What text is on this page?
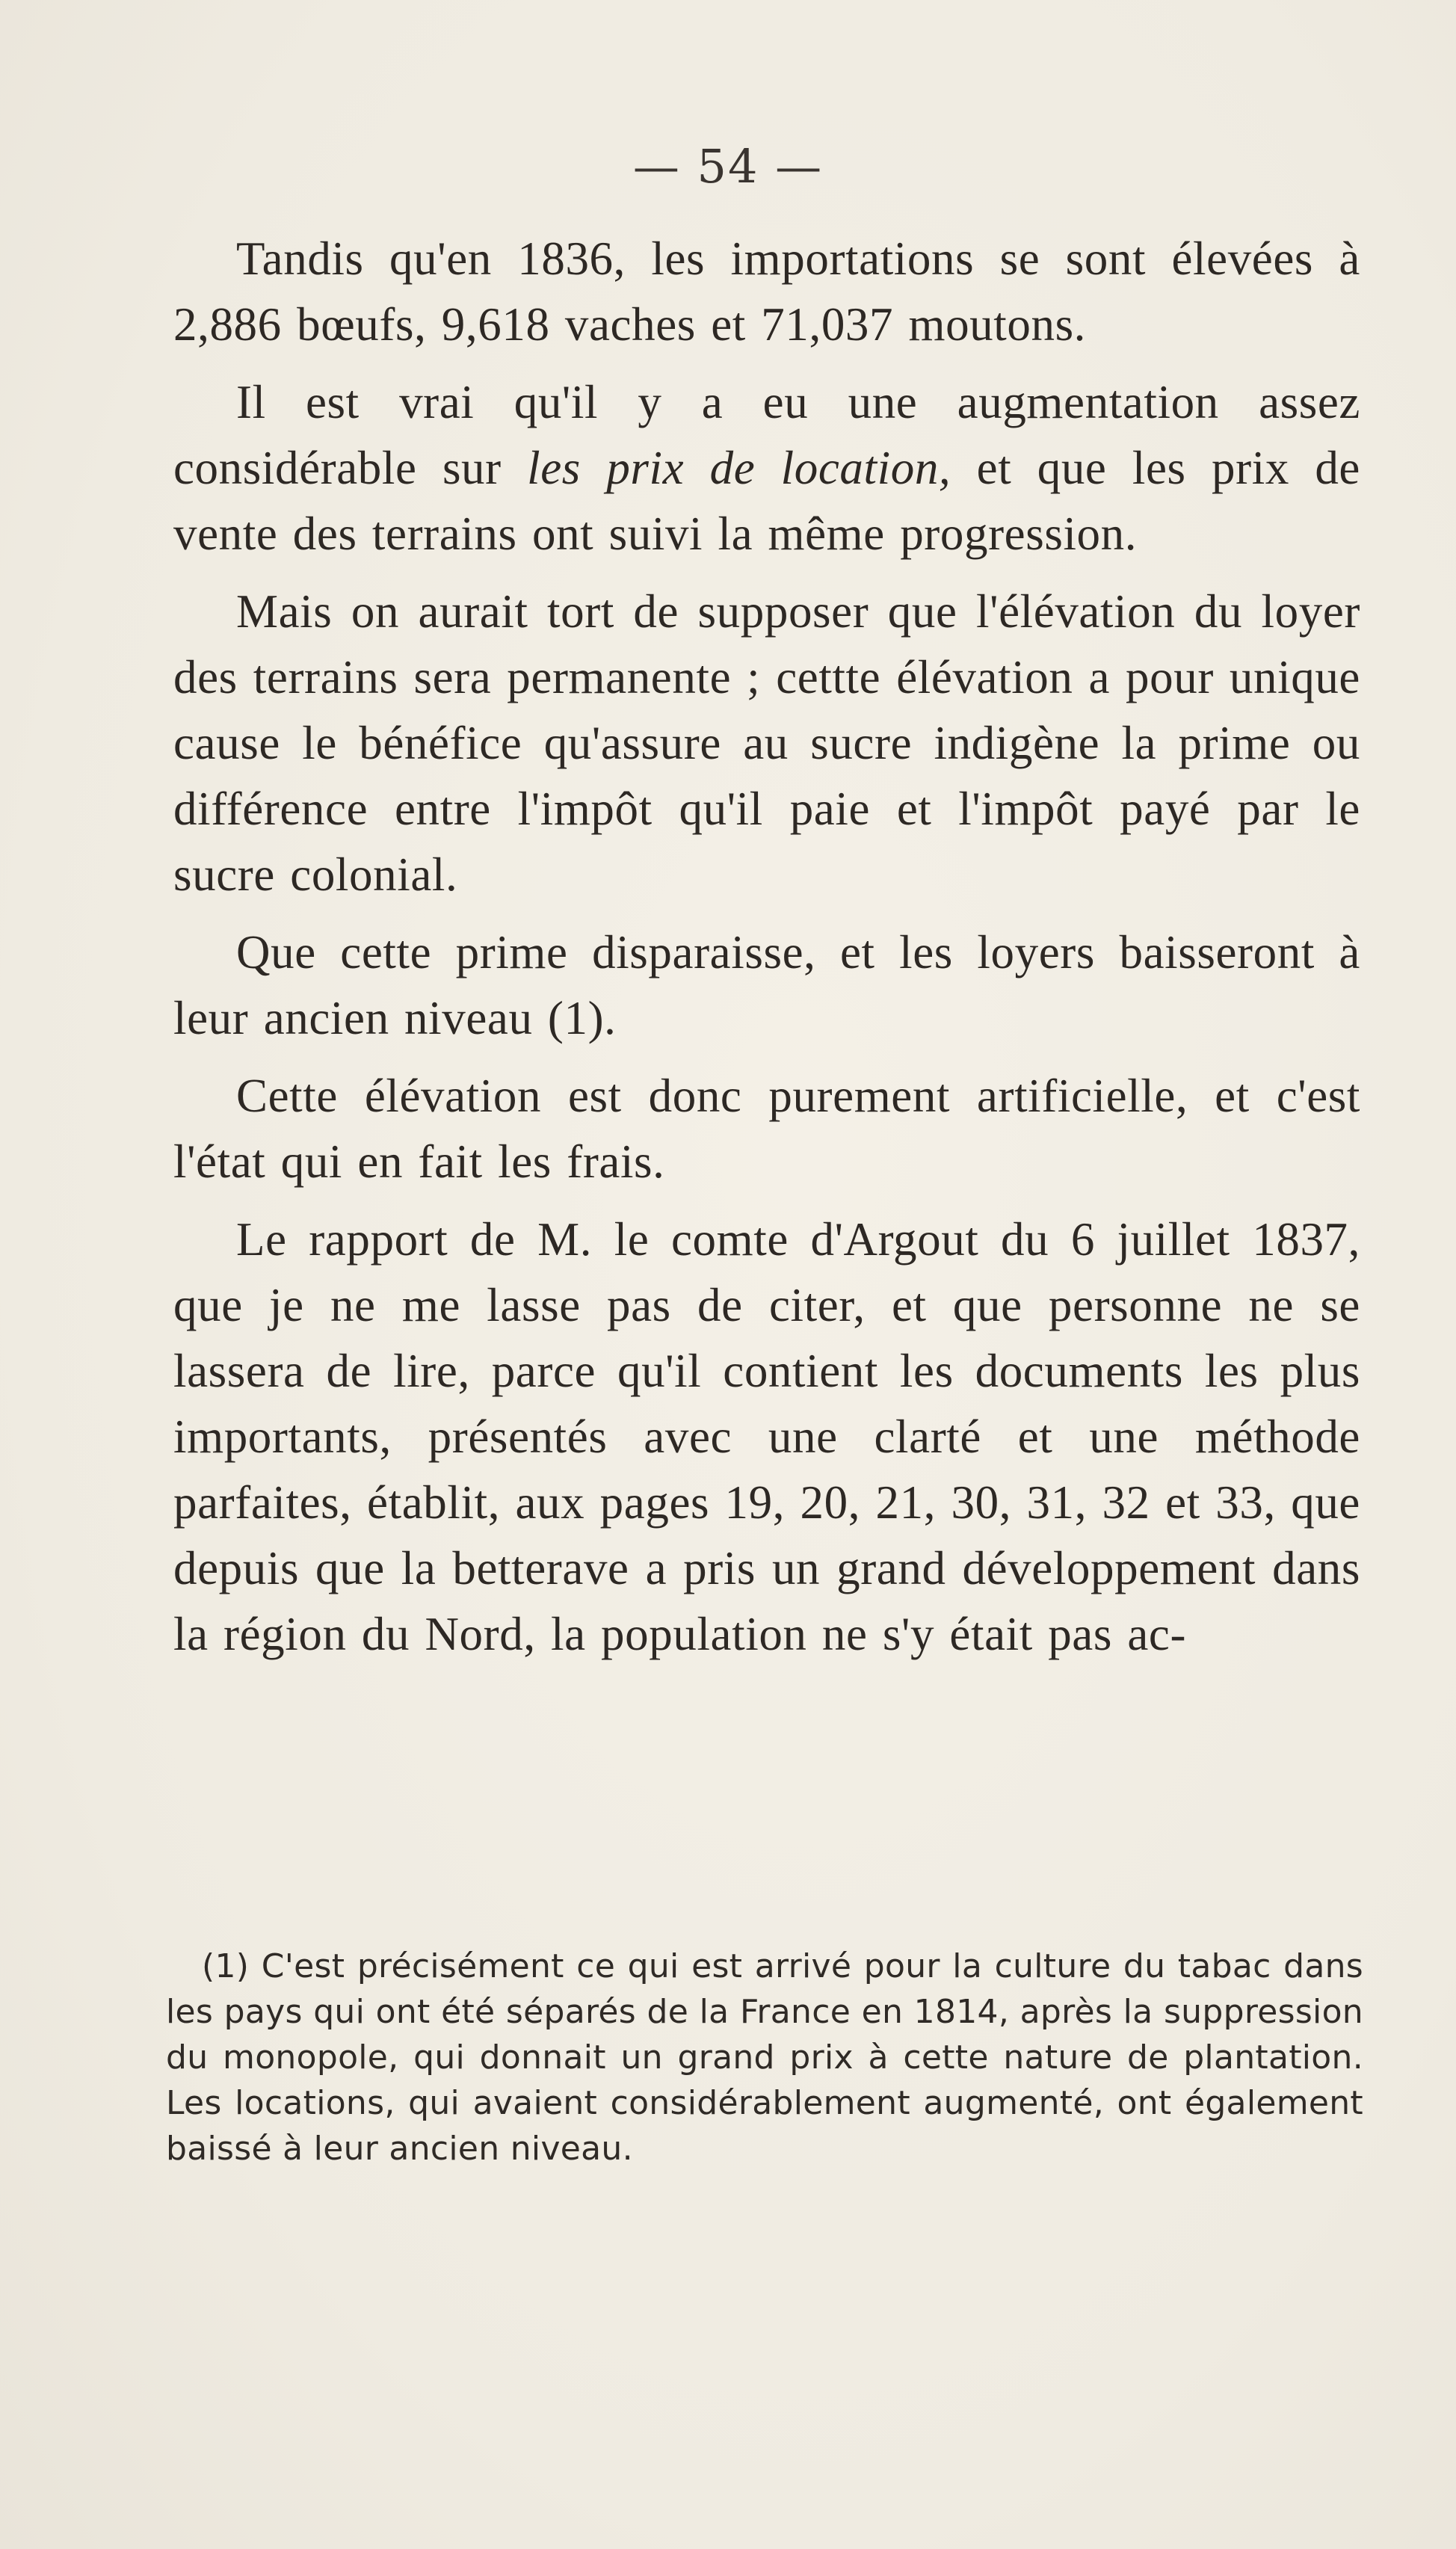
— 54 —

Tandis qu'en 1836, les importations se sont élevées à 2,886 bœufs, 9,618 vaches et 71,037 moutons.

Il est vrai qu'il y a eu une augmentation assez considérable sur les prix de location, et que les prix de vente des terrains ont suivi la même progression.

Mais on aurait tort de supposer que l'élévation du loyer des terrains sera permanente ; cettte élévation a pour unique cause le bénéfice qu'assure au sucre indigène la prime ou différence entre l'impôt qu'il paie et l'impôt payé par le sucre colonial.

Que cette prime disparaisse, et les loyers baisseront à leur ancien niveau (1).

Cette élévation est donc purement artificielle, et c'est l'état qui en fait les frais.

Le rapport de M. le comte d'Argout du 6 juillet 1837, que je ne me lasse pas de citer, et que personne ne se lassera de lire, parce qu'il contient les documents les plus importants, présentés avec une clarté et une méthode parfaites, établit, aux pages 19, 20, 21, 30, 31, 32 et 33, que depuis que la betterave a pris un grand développement dans la région du Nord, la population ne s'y était pas ac-

(1) C'est précisément ce qui est arrivé pour la culture du tabac dans les pays qui ont été séparés de la France en 1814, après la suppression du monopole, qui donnait un grand prix à cette nature de plantation. Les locations, qui avaient considérablement augmenté, ont également baissé à leur ancien niveau.
